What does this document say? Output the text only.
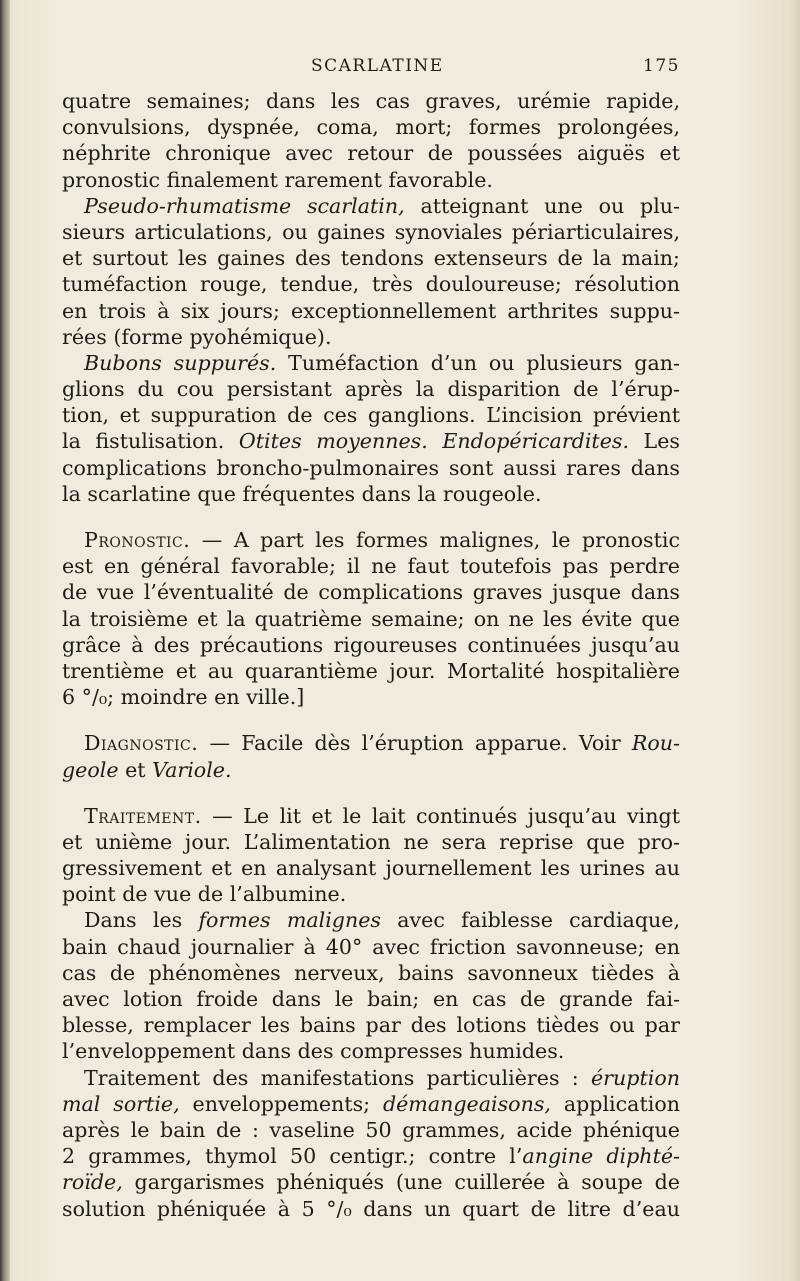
SCARLATINE	175
quatre semaines; dans les cas graves, urémie rapide,
convulsions, dyspnée, coma, mort; formes prolongées,
néphrite chronique avec retour de poussées aiguës et
pronostic finalement rarement favorable.
Pseudo-rhumatisme scarlatin, atteignant une ou plu-
sieurs articulations, ou gaines synoviales périarticulaires,
et surtout les gaines des tendons extenseurs de la main;
tuméfaction rouge, tendue, très douloureuse; résolution
en trois à six jours; exceptionnellement arthrites suppu-
rées (forme pyohémique).
Bubons suppurés. Tuméfaction d’un ou plusieurs gan-
glions du cou persistant après la disparition de l’érup-
tion, et suppuration de ces ganglions. L’incision prévient
la fistulisation. Otites moyennes. Endopéricardites. Les
complications broncho-pulmonaires sont aussi rares dans
la scarlatine que fréquentes dans la rougeole.
Pronostic. — A part les formes malignes, le pronostic
est en général favorable; il ne faut toutefois pas perdre
de vue l’éventualité de complications graves jusque dans
la troisième et la quatrième semaine; on ne les évite que
grâce à des précautions rigoureuses continuées jusqu’au
trentième et au quarantième jour. Mortalité hospitalière
6 °/₀; moindre en ville.]
Diagnostic. — Facile dès l’éruption apparue. Voir Rou-
geole et Variole.
Traitement. — Le lit et le lait continués jusqu’au vingt
et unième jour. L’alimentation ne sera reprise que pro-
gressivement et en analysant journellement les urines au
point de vue de l’albumine.
Dans les formes malignes avec faiblesse cardiaque,
bain chaud journalier à 40° avec friction savonneuse; en
cas de phénomènes nerveux, bains savonneux tièdes à
avec lotion froide dans le bain; en cas de grande fai-
blesse, remplacer les bains par des lotions tièdes ou par
l’enveloppement dans des compresses humides.
Traitement des manifestations particulières : éruption
mal sortie, enveloppements; démangeaisons, application
après le bain de : vaseline 50 grammes, acide phénique
2 grammes, thymol 50 centigr.; contre l’angine diphté-
roïde, gargarismes phéniqués (une cuillerée à soupe de
solution phéniquée à 5 °/₀ dans un quart de litre d’eau
